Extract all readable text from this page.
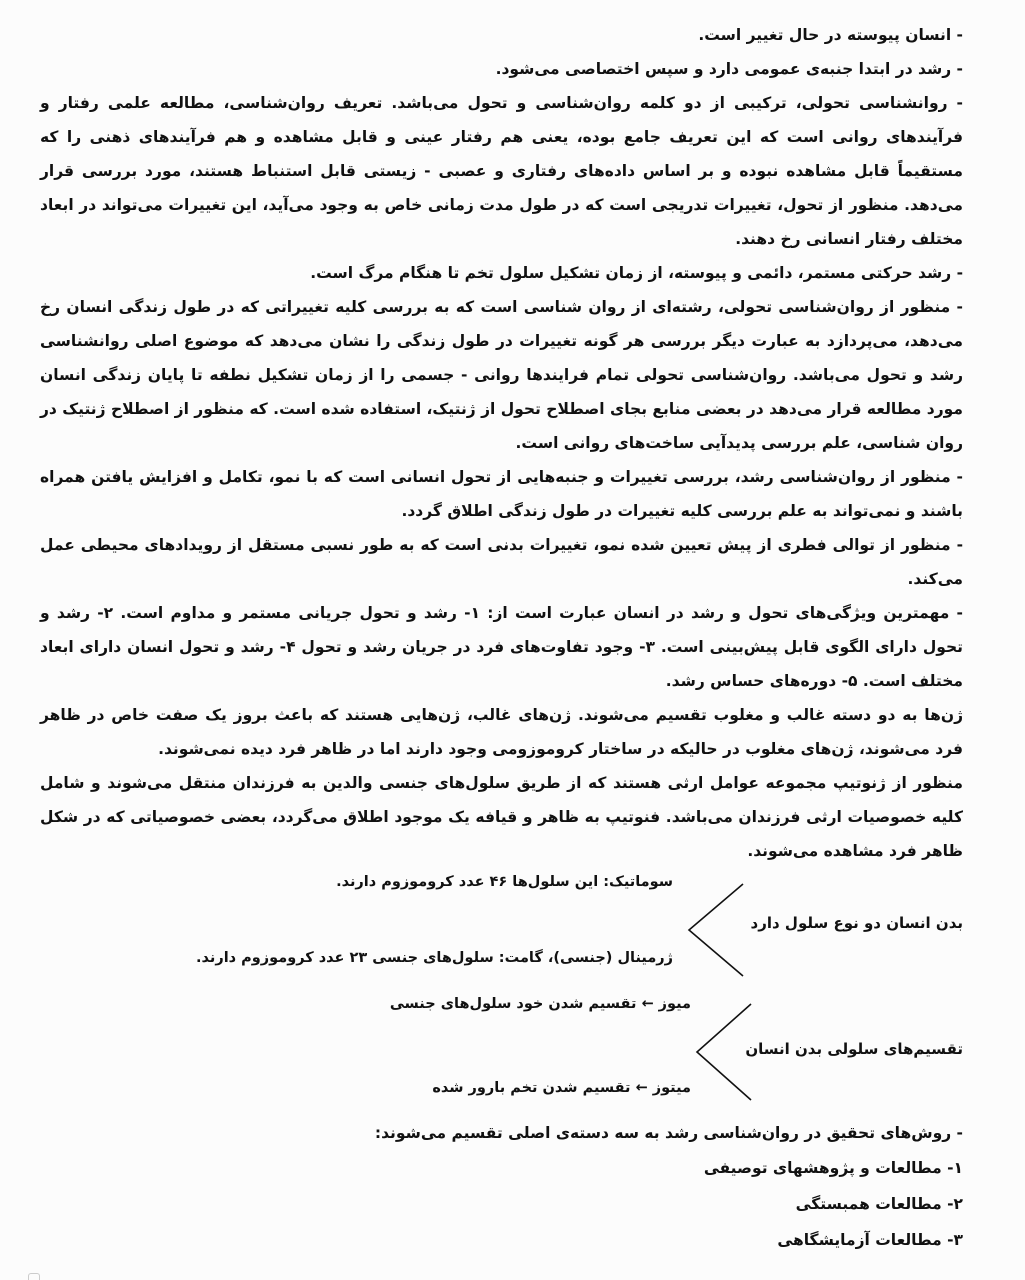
- انسان پیوسته در حال تغییر است.

- رشد در ابتدا جنبه‌ی عمومی دارد و سپس اختصاصی می‌شود.

- روانشناسی تحولی، ترکیبی از دو کلمه روان‌شناسی و تحول می‌باشد. تعریف روان‌شناسی، مطالعه علمی رفتار و فرآیندهای روانی است که این تعریف جامع بوده، یعنی هم رفتار عینی و قابل مشاهده و هم فرآیندهای ذهنی را که مستقیماً قابل مشاهده نبوده و بر اساس داده‌های رفتاری و عصبی - زیستی قابل استنباط هستند، مورد بررسی قرار می‌دهد. منظور از تحول، تغییرات تدریجی است که در طول مدت زمانی خاص به وجود می‌آید، این تغییرات می‌تواند در ابعاد مختلف رفتار انسانی رخ دهند.

- رشد حرکتی مستمر، دائمی و پیوسته، از زمان تشکیل سلول تخم تا هنگام مرگ است.

- منظور از روان‌شناسی تحولی، رشته‌ای از روان شناسی است که به بررسی کلیه تغییراتی که در طول زندگی انسان رخ می‌دهد، می‌پردازد به عبارت دیگر بررسی هر گونه تغییرات در طول زندگی را نشان می‌دهد که موضوع اصلی روانشناسی رشد و تحول می‌باشد. روان‌شناسی تحولی تمام فرایندها روانی - جسمی را از زمان تشکیل نطفه تا پایان زندگی انسان مورد مطالعه قرار می‌دهد در بعضی منابع بجای اصطلاح تحول از ژنتیک، استفاده شده است. که منظور از اصطلاح ژنتیک در روان شناسی، علم بررسی پدیدآیی ساخت‌های روانی است.

- منظور از روان‌شناسی رشد، بررسی تغییرات و جنبه‌هایی از تحول انسانی است که با نمو، تکامل و افزایش یافتن همراه باشند و نمی‌تواند به علم بررسی کلیه تغییرات در طول زندگی اطلاق گردد.

- منظور از توالی فطری از پیش تعیین شده نمو، تغییرات بدنی است که به طور نسبی مستقل از رویدادهای محیطی عمل می‌کند.

- مهمترین ویژگی‌های تحول و رشد در انسان عبارت است از: ۱- رشد و تحول جریانی مستمر و مداوم است. ۲- رشد و تحول دارای الگوی قابل پیش‌بینی است. ۳- وجود تفاوت‌های فرد در جریان رشد و تحول ۴- رشد و تحول انسان دارای ابعاد مختلف است. ۵- دوره‌های حساس رشد.

ژن‌ها به دو دسته غالب و مغلوب تقسیم می‌شوند. ژن‌های غالب، ژن‌هایی هستند که باعث بروز یک صفت خاص در ظاهر فرد می‌شوند، ژن‌های مغلوب در حالیکه در ساختار کروموزومی وجود دارند اما در ظاهر فرد دیده نمی‌شوند.

منظور از ژنوتیپ مجموعه عوامل ارثی هستند که از طریق سلول‌های جنسی والدین به فرزندان منتقل می‌شوند و شامل کلیه خصوصیات ارثی فرزندان می‌باشد. فنوتیپ به ظاهر و قیافه یک موجود اطلاق می‌گردد، بعضی خصوصیاتی که در شکل ظاهر فرد مشاهده می‌شوند.

بدن انسان دو نوع سلول دارد
سوماتیک: این سلول‌ها ۴۶ عدد کروموزوم دارند.
ژرمینال (جنسی)، گامت: سلول‌های جنسی ۲۳ عدد کروموزوم دارند.
تقسیم‌های سلولی بدن انسان
میوز ← تقسیم شدن خود سلول‌های جنسی
میتوز ← تقسیم شدن تخم بارور شده

- روش‌های تحقیق در روان‌شناسی رشد به سه دسته‌ی اصلی تقسیم می‌شوند:

۱- مطالعات و پژوهشهای توصیفی
۲- مطالعات همبستگی
۳- مطالعات آزمایشگاهی
